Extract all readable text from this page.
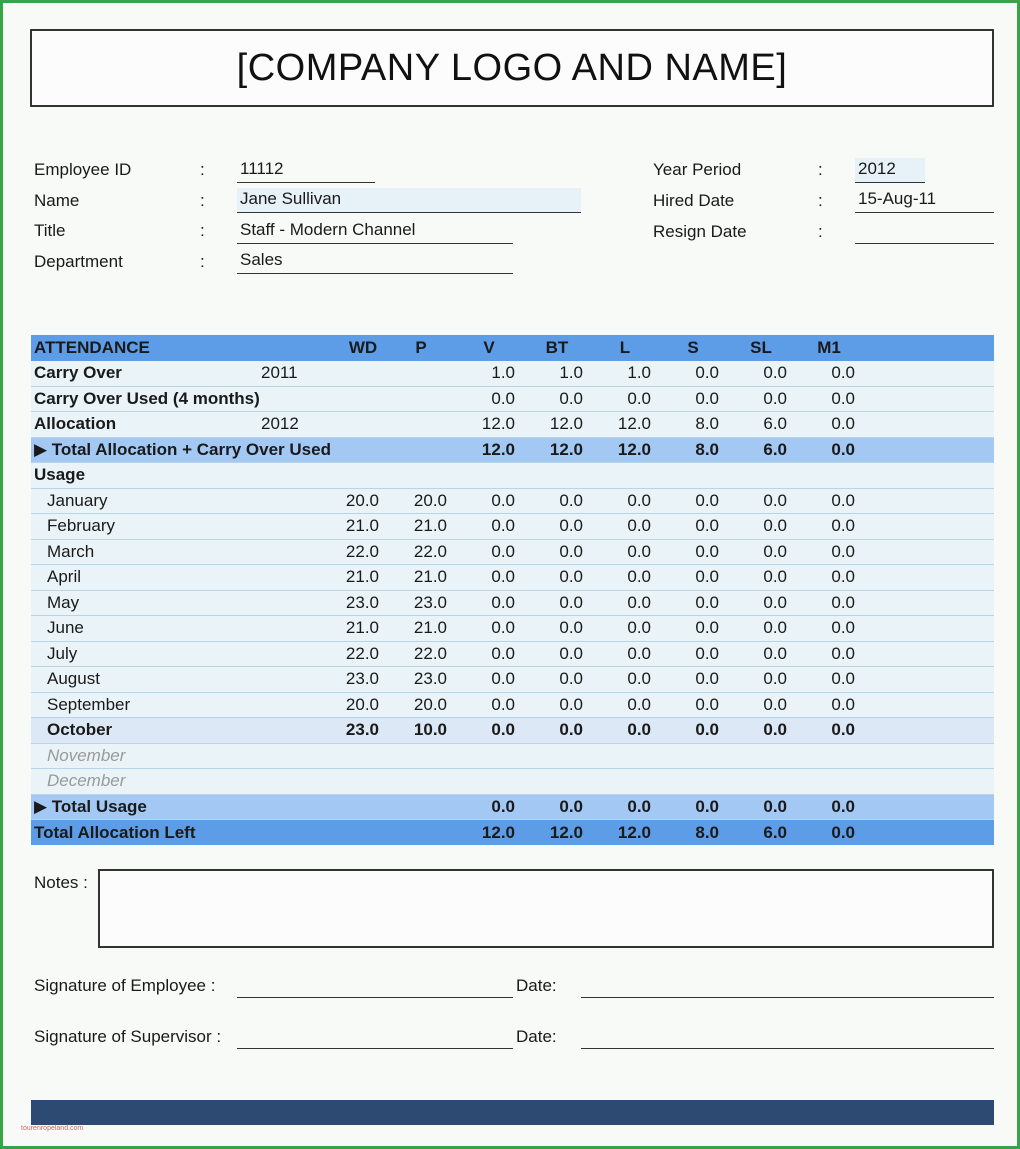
[COMPANY LOGO AND NAME]
Employee ID	: 11112
Name	: Jane Sullivan
Title	: Staff - Modern Channel
Department	: Sales
Year Period	: 2012
Hired Date	: 15-Aug-11
Resign Date	:
ATTENDANCE		WD	P	V	BT	L	S	SL	M1	
Carry Over	2011			1.0	1.0	1.0	0.0	0.0	0.0	
Carry Over Used (4 months)				0.0	0.0	0.0	0.0	0.0	0.0	
Allocation	2012			12.0	12.0	12.0	8.0	6.0	0.0	
▶ Total Allocation + Carry Over Used				12.0	12.0	12.0	8.0	6.0	0.0	
Usage										
January		20.0	20.0	0.0	0.0	0.0	0.0	0.0	0.0	
February		21.0	21.0	0.0	0.0	0.0	0.0	0.0	0.0	
March		22.0	22.0	0.0	0.0	0.0	0.0	0.0	0.0	
April		21.0	21.0	0.0	0.0	0.0	0.0	0.0	0.0	
May		23.0	23.0	0.0	0.0	0.0	0.0	0.0	0.0	
June		21.0	21.0	0.0	0.0	0.0	0.0	0.0	0.0	
July		22.0	22.0	0.0	0.0	0.0	0.0	0.0	0.0	
August		23.0	23.0	0.0	0.0	0.0	0.0	0.0	0.0	
September		20.0	20.0	0.0	0.0	0.0	0.0	0.0	0.0	
October		23.0	10.0	0.0	0.0	0.0	0.0	0.0	0.0	
November										
December										
▶ Total Usage				0.0	0.0	0.0	0.0	0.0	0.0	
Total Allocation Left				12.0	12.0	12.0	8.0	6.0	0.0	
Notes :
Signature of Employee :	Date:
Signature of Supervisor :	Date:
tourenropeland.com
